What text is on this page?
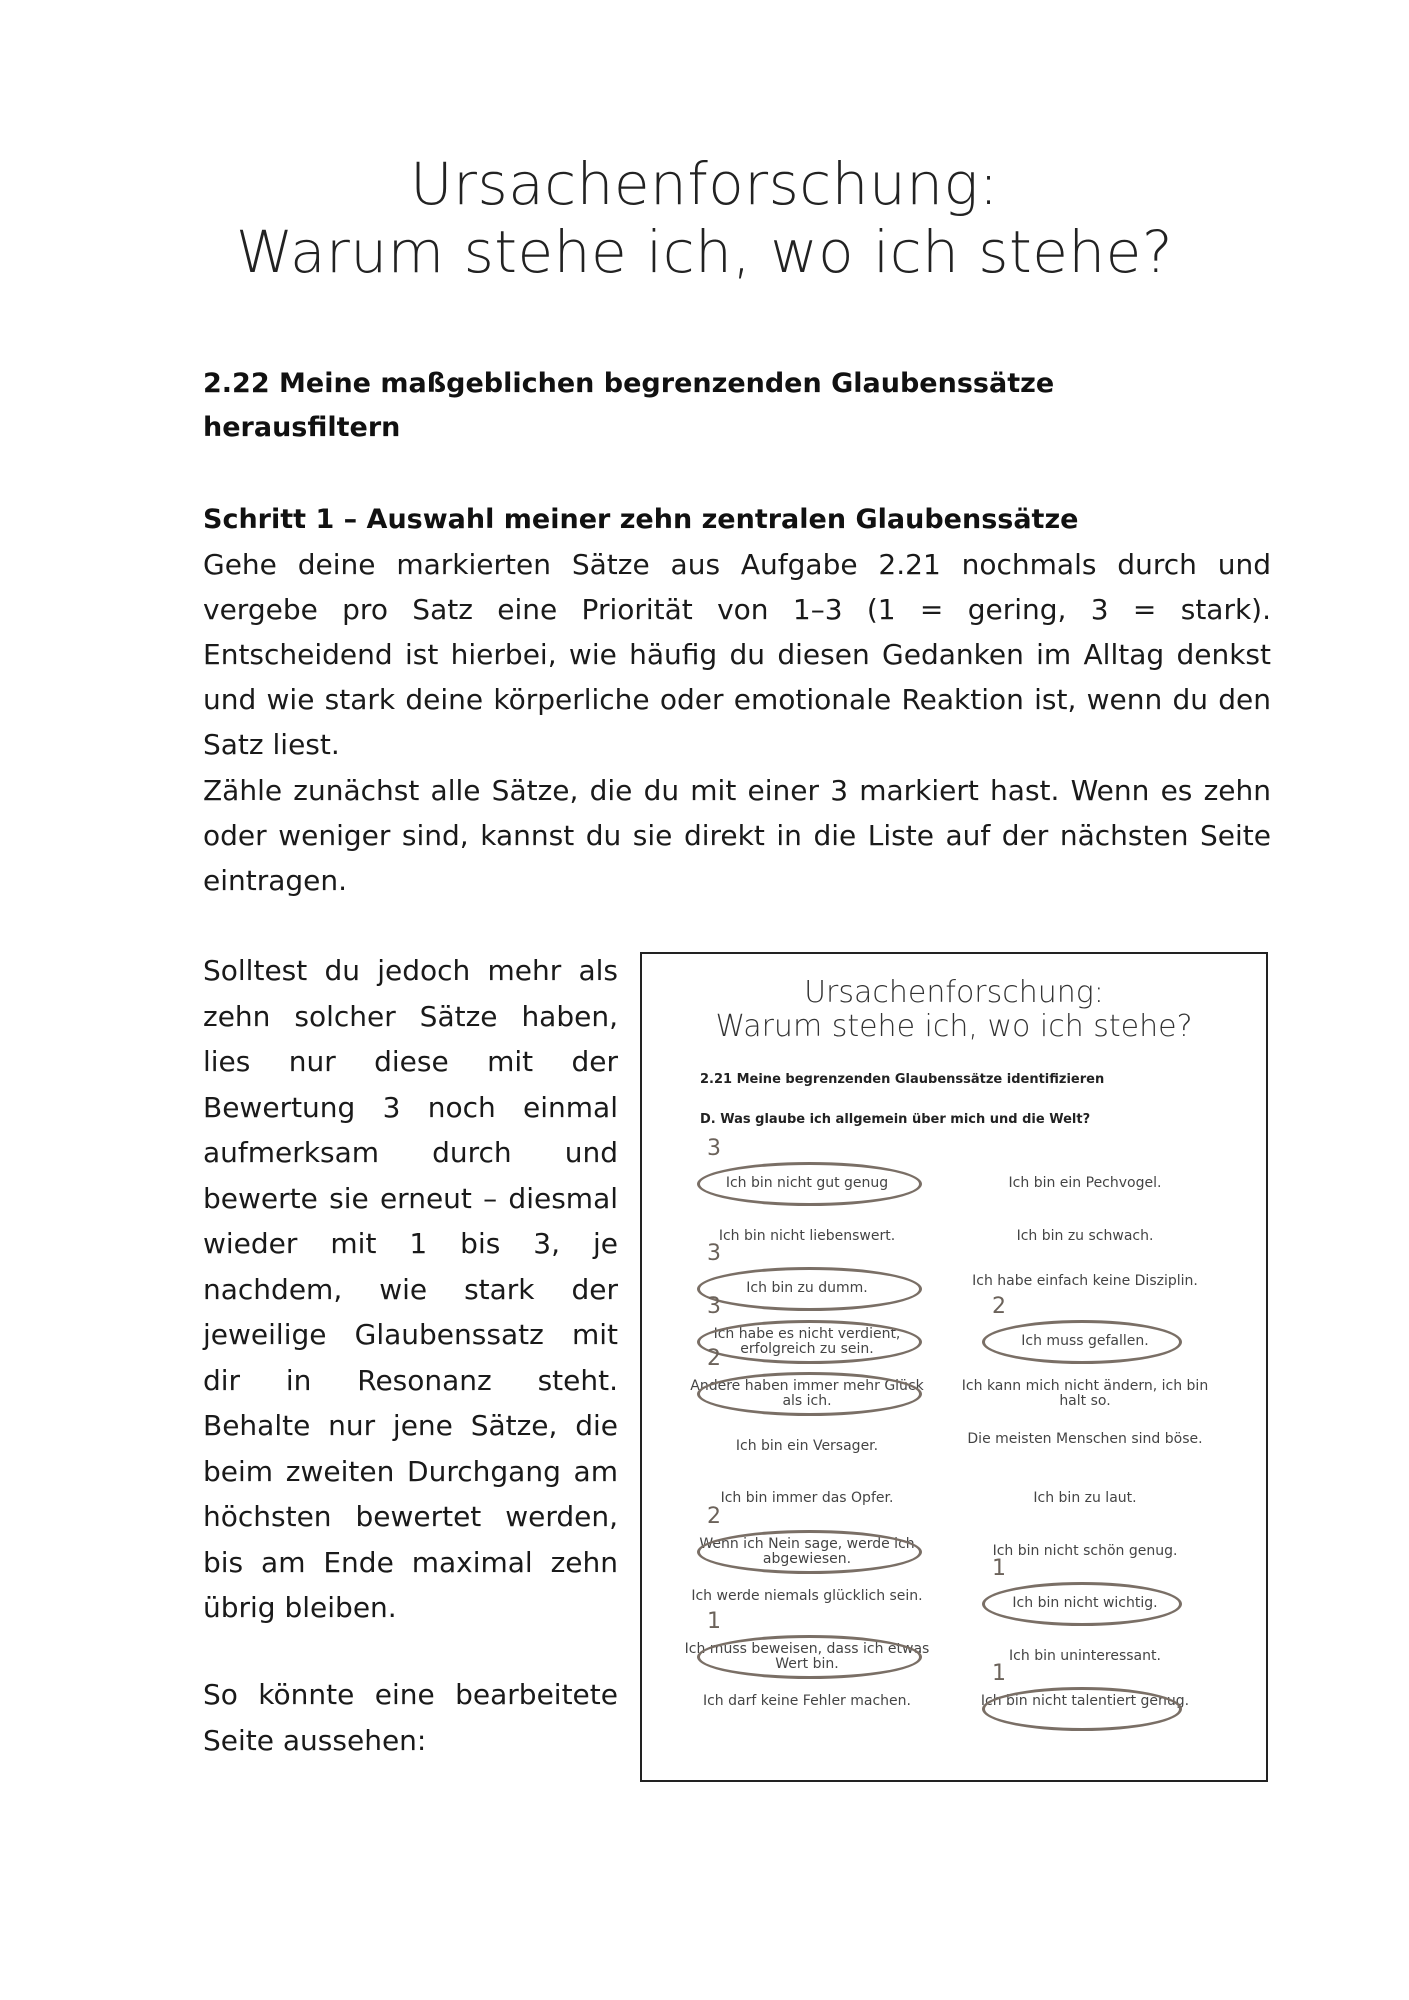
Ursachenforschung:
Warum stehe ich, wo ich stehe?
2.22 Meine maßgeblichen begrenzenden Glaubenssätze herausfiltern
Schritt 1 – Auswahl meiner zehn zentralen Glaubenssätze

Gehe deine markierten Sätze aus Aufgabe 2.21 nochmals durch und vergebe pro Satz eine Priorität von 1–3 (1 = gering, 3 = stark). Entscheidend ist hierbei, wie häufig du diesen Gedanken im Alltag denkst und wie stark deine körperliche oder emotionale Reaktion ist, wenn du den Satz liest.

Zähle zunächst alle Sätze, die du mit einer 3 markiert hast. Wenn es zehn oder weniger sind, kannst du sie direkt in die Liste auf der nächsten Seite eintragen.

Solltest du jedoch mehr als zehn solcher Sätze haben, lies nur diese mit der Bewertung 3 noch einmal aufmerksam durch und bewerte sie erneut – diesmal wieder mit 1 bis 3, je nachdem, wie stark der jeweilige Glaubenssatz mit dir in Resonanz steht. Behalte nur jene Sätze, die beim zweiten Durchgang am höchsten bewertet werden, bis am Ende maximal zehn übrig bleiben.

So könnte eine bearbeitete Seite aussehen:

Ursachenforschung:
Warum stehe ich, wo ich stehe?
2.21 Meine begrenzenden Glaubenssätze identifizieren
D. Was glaube ich allgemein über mich und die Welt?
Ich bin nicht gut genug
3
Ich bin nicht liebenswert.
Ich bin zu dumm.
3
Ich habe es nicht verdient, erfolgreich zu sein.
3
Andere haben immer mehr Glück als ich.
2
Ich bin ein Versager.
Ich bin immer das Opfer.
Wenn ich Nein sage, werde ich abgewiesen.
2
Ich werde niemals glücklich sein.
Ich muss beweisen, dass ich etwas Wert bin.
1
Ich darf keine Fehler machen.
Ich bin ein Pechvogel.
Ich bin zu schwach.
Ich habe einfach keine Disziplin.
Ich muss gefallen.
2
Ich kann mich nicht ändern, ich bin halt so.
Die meisten Menschen sind böse.
Ich bin zu laut.
Ich bin nicht schön genug.
Ich bin nicht wichtig.
1
Ich bin uninteressant.
Ich bin nicht talentiert genug.
1
